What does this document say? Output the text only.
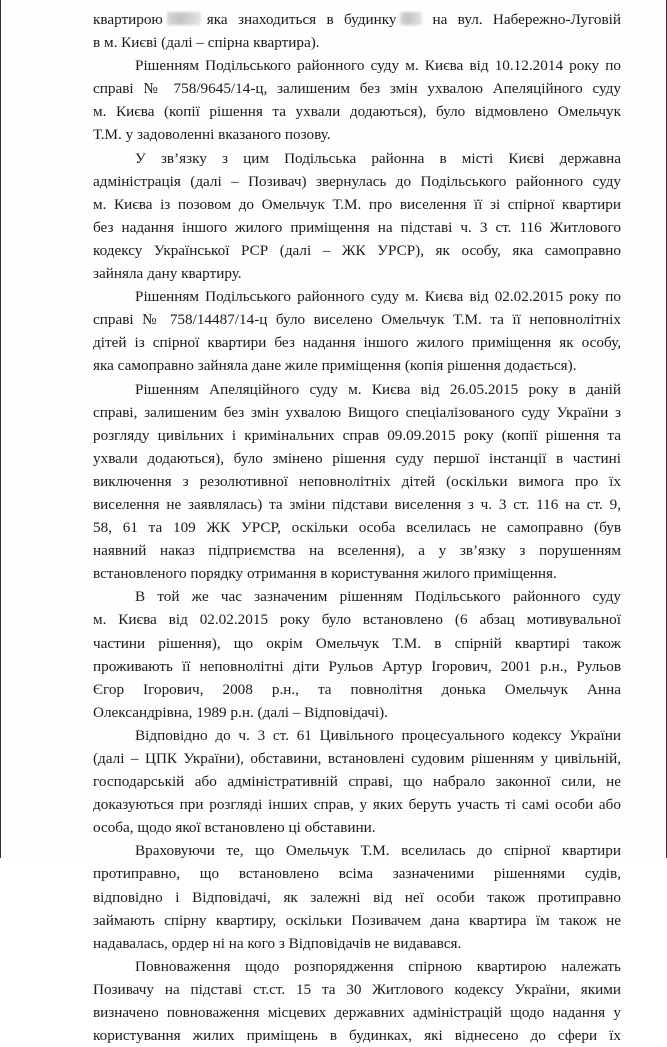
квартирою	яка знаходиться в будинку на вул. Набережно-Луговій
в м. Києві (далі – спірна квартира).

Рішенням Подільського районного суду м. Києва від 10.12.2014 року по
справі № 758/9645/14-ц, залишеним без змін ухвалою Апеляційного суду
м. Києва (копії рішення та ухвали додаються), було відмовлено Омельчук
Т.М. у задоволенні вказаного позову.

У зв’язку з цим Подільська районна в місті Києві державна
адміністрація (далі – Позивач) звернулась до Подільського районного суду
м. Києва із позовом до Омельчук Т.М. про виселення її зі спірної квартири
без надання іншого жилого приміщення на підставі ч. 3 ст. 116 Житлового
кодексу Української РСР (далі – ЖК УРСР), як особу, яка самоправно
зайняла дану квартиру.

Рішенням Подільського районного суду м. Києва від 02.02.2015 року по
справі № 758/14487/14-ц було виселено Омельчук Т.М. та її неповнолітніх
дітей із спірної квартири без надання іншого жилого приміщення як особу,
яка самоправно зайняла дане жиле приміщення (копія рішення додається).

Рішенням Апеляційного суду м. Києва від 26.05.2015 року в даній
справі, залишеним без змін ухвалою Вищого спеціалізованого суду України з
розгляду цивільних і кримінальних справ 09.09.2015 року (копії рішення та
ухвали додаються), було змінено рішення суду першої інстанції в частині
виключення з резолютивної неповнолітніх дітей (оскільки вимога про їх
виселення не заявлялась) та зміни підстави виселення з ч. 3 ст. 116 на ст. 9,
58, 61 та 109 ЖК УРСР, оскільки особа вселилась не самоправно (був
наявний наказ підприємства на вселення), а у зв’язку з порушенням
встановленого порядку отримання в користування жилого приміщення.

В той же час зазначеним рішенням Подільського районного суду
м. Києва від 02.02.2015 року було встановлено (6 абзац мотивувальної
частини рішення), що окрім Омельчук Т.М. в спірній квартирі також
проживають її неповнолітні діти Рульов Артур Ігорович, 2001 р.н., Рульов
Єгор Ігорович, 2008 р.н., та повнолітня донька Омельчук Анна
Олександрівна, 1989 р.н. (далі – Відповідачі).

Відповідно до ч. 3 ст. 61 Цивільного процесуального кодексу України
(далі – ЦПК України), обставини, встановлені судовим рішенням у цивільній,
господарській або адміністративній справі, що набрало законної сили, не
доказуються при розгляді інших справ, у яких беруть участь ті самі особи або
особа, щодо якої встановлено ці обставини.

Враховуючи те, що Омельчук Т.М. вселилась до спірної квартири
протиправно, що встановлено всіма зазначеними рішеннями судів,
відповідно і Відповідачі, як залежні від неї особи також протиправно
займають спірну квартиру, оскільки Позивачем дана квартира їм також не
надавалась, ордер ні на кого з Відповідачів не видавався.

Повноваження щодо розпорядження спірною квартирою належать
Позивачу на підставі ст.ст. 15 та 30 Житлового кодексу України, якими
визначено повноваження місцевих державних адміністрацій щодо надання у
користування жилих приміщень в будинках, які віднесено до сфери їх
